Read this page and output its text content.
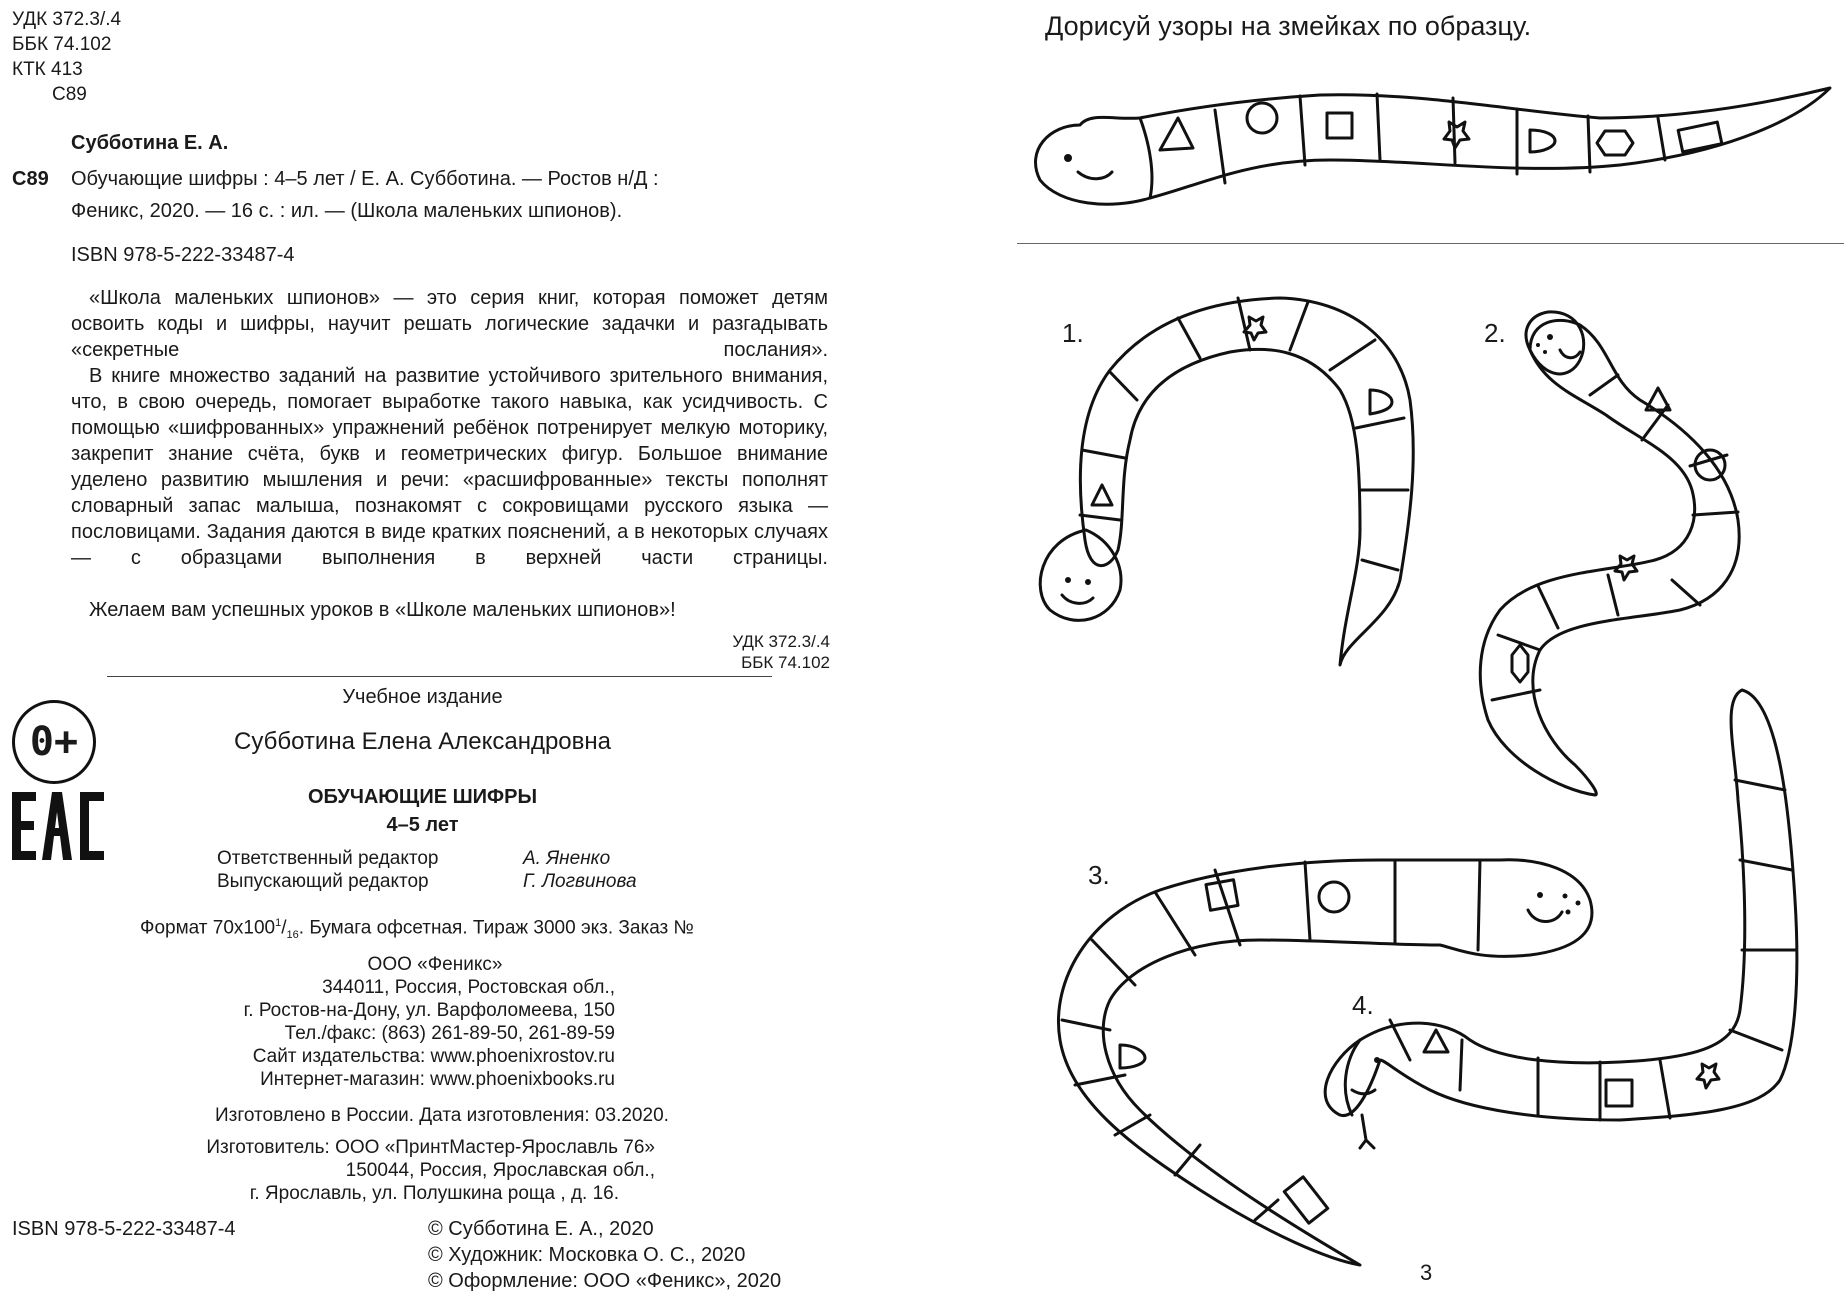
УДК 372.3/.4
ББК 74.102
КТК 413
С89
Субботина Е. А.
С89 Обучающие шифры : 4–5 лет / Е. А. Субботина. — Ростов н/Д :
Феникс, 2020. — 16 с. : ил. — (Школа маленьких шпионов).
ISBN 978-5-222-33487-4
«Школа маленьких шпионов» — это серия книг, которая поможет детям освоить коды и шифры, научит решать логические задачки и разгадывать «секретные послания».
В книге множество заданий на развитие устойчивого зрительного внимания, что, в свою очередь, помогает выработке такого навыка, как усидчивость. С помощью «шифрованных» упражнений ребёнок потренирует мелкую моторику, закрепит знание счёта, букв и геометрических фигур. Большое внимание уделено развитию мышления и речи: «расшифрованные» тексты пополнят словарный запас малыша, познакомят с сокровищами русского языка — пословицами. Задания даются в виде кратких пояснений, а в некоторых случаях — с образцами выполнения в верхней части страницы.
Желаем вам успешных уроков в «Школе маленьких шпионов»!
УДК 372.3/.4
ББК 74.102
0+
Учебное издание
Субботина Елена Александровна
ОБУЧАЮЩИЕ ШИФРЫ
4–5 лет
Ответственный редактор	А. Яненко
Выпускающий редактор	Г. Логвинова
Формат $70х100^1/_{16}$. Бумага офсетная. Тираж 3000 экз. Заказ №
ООО «Феникс»
344011, Россия, Ростовская обл.,
г. Ростов-на-Дону, ул. Варфоломеева, 150
Тел./факс: (863) 261-89-50, 261-89-59
Сайт издательства: www.phoenixrostov.ru
Интернет-магазин: www.phoenixbooks.ru
Изготовлено в России. Дата изготовления: 03.2020.
Изготовитель: ООО «ПринтМастер-Ярославль 76»
150044, Россия, Ярославская обл.,
г. Ярославль, ул. Полушкина роща , д. 16.
ISBN 978-5-222-33487-4	© Субботина Е. А., 2020
© Художник: Московка О. С., 2020
© Оформление: ООО «Феникс», 2020
Дорисуй узоры на змейках по образцу.
1.	2.
3.
4.
3
